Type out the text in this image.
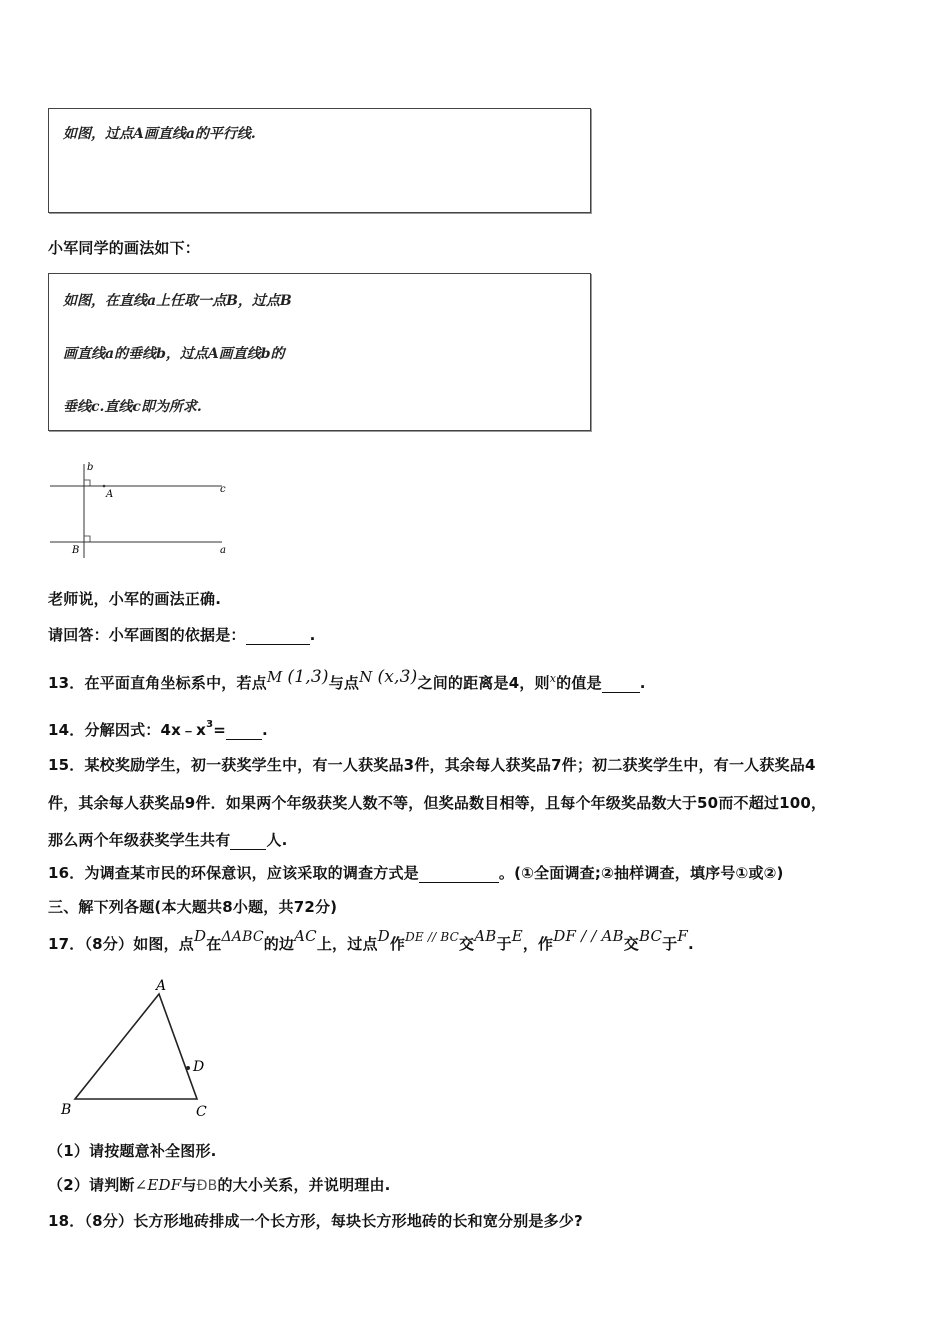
如图，过点A画直线a的平行线.
小军同学的画法如下：
如图，在直线a上任取一点B，过点B
画直线a的垂线b，过点A画直线b的
垂线c.直线c即为所求.
b
A	c
B	a
老师说，小军的画法正确.
请回答：小军画图的依据是：	.
13．在平面直角坐标系中，若点M (1,3)与点N (x,3)之间的距离是4，则$^x$的值是	.
14．分解因式：$4x﹣x^3=$ .
15．某校奖励学生，初一获奖学生中，有一人获奖品3件，其余每人获奖品7件；初二获奖学生中，有一人获奖品4
件，其余每人获奖品9件．如果两个年级获奖人数不等，但奖品数目相等，且每个年级奖品数大于50而不超过100，
那么两个年级获奖学生共有 人.
16．为调查某市民的环保意识，应该采取的调查方式是	。(①全面调查;②抽样调查，填序号①或②)
三、解下列各题(本大题共8小题，共72分)
17．（8分）如图，点D在ΔABC的边AC上，过点D作$^{DE // BC}$交AB于E，作DF / / AB交BC于F.
A
B	C
D
（1）请按题意补全图形.
（2）请判断∠EDF与ÐB的大小关系，并说明理由.
18．（8分）长方形地砖排成一个长方形，每块长方形地砖的长和宽分别是多少?
